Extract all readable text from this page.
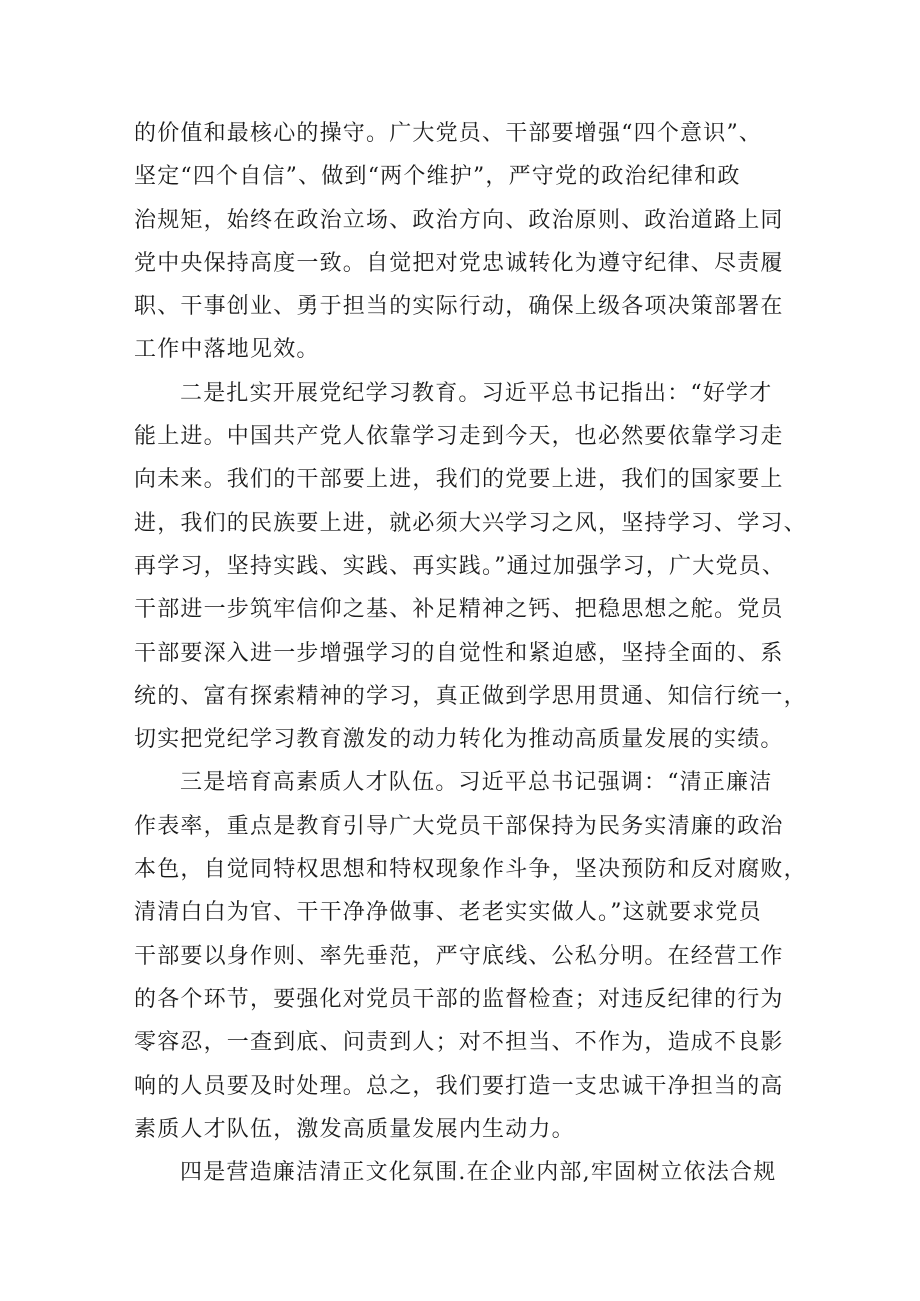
的价值和最核心的操守。广大党员、干部要增强“四个意识”、
坚定“四个自信”、做到“两个维护”，严守党的政治纪律和政
治规矩，始终在政治立场、政治方向、政治原则、政治道路上同
党中央保持高度一致。自觉把对党忠诚转化为遵守纪律、尽责履
职、干事创业、勇于担当的实际行动，确保上级各项决策部署在
工作中落地见效。
二是扎实开展党纪学习教育。习近平总书记指出：“好学才
能上进。中国共产党人依靠学习走到今天，也必然要依靠学习走
向未来。我们的干部要上进，我们的党要上进，我们的国家要上
进，我们的民族要上进，就必须大兴学习之风，坚持学习、学习、
再学习，坚持实践、实践、再实践。”通过加强学习，广大党员、
干部进一步筑牢信仰之基、补足精神之钙、把稳思想之舵。党员
干部要深入进一步增强学习的自觉性和紧迫感，坚持全面的、系
统的、富有探索精神的学习，真正做到学思用贯通、知信行统一，
切实把党纪学习教育激发的动力转化为推动高质量发展的实绩。
三是培育高素质人才队伍。习近平总书记强调：“清正廉洁
作表率，重点是教育引导广大党员干部保持为民务实清廉的政治
本色，自觉同特权思想和特权现象作斗争，坚决预防和反对腐败，
清清白白为官、干干净净做事、老老实实做人。”这就要求党员
干部要以身作则、率先垂范，严守底线、公私分明。在经营工作
的各个环节，要强化对党员干部的监督检查；对违反纪律的行为
零容忍，一查到底、问责到人；对不担当、不作为，造成不良影
响的人员要及时处理。总之，我们要打造一支忠诚干净担当的高
素质人才队伍，激发高质量发展内生动力。
四是营造廉洁清正文化氛围.在企业内部,牢固树立依法合规
